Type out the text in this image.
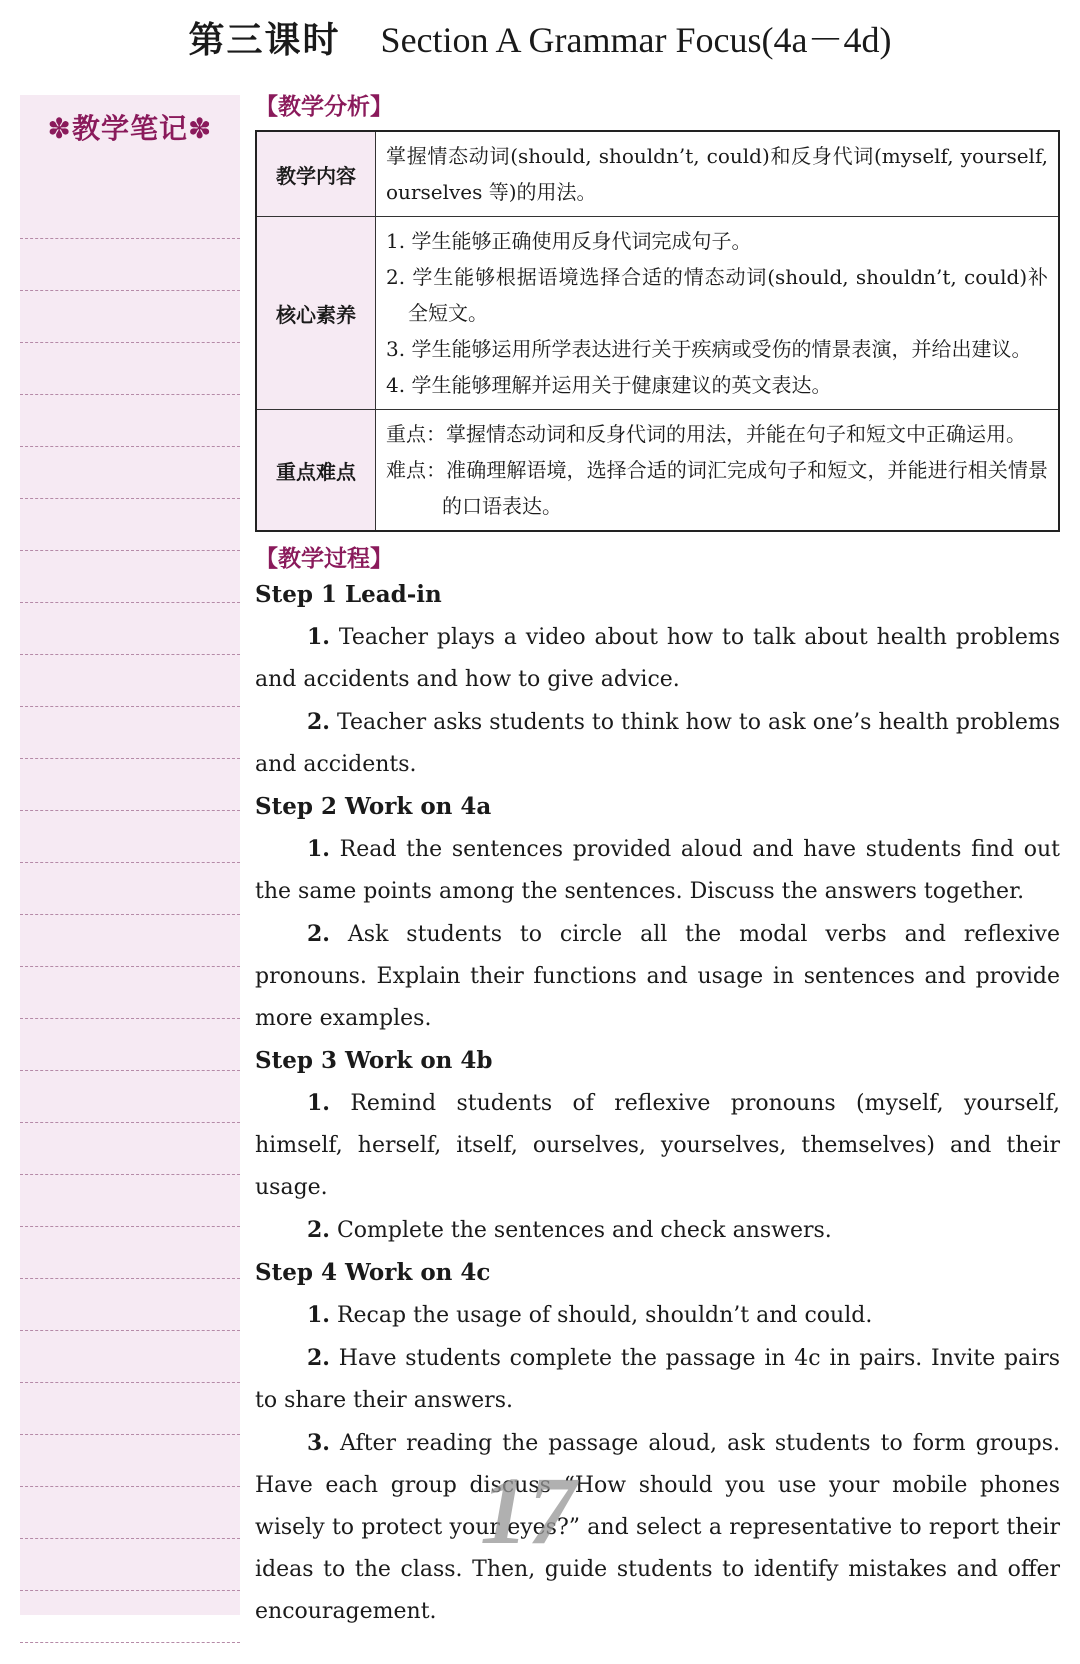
第三课时 Section A Grammar Focus(4a－4d)
✽教学笔记✽
【教学分析】
教学内容	掌握情态动词(should, shouldn’t, could)和反身代词(myself, yourself, ourselves 等)的用法。

核心素养	1. 学生能够正确使用反身代词完成句子。
2. 学生能够根据语境选择合适的情态动词(should, shouldn’t, could)补全短文。
3. 学生能够运用所学表达进行关于疾病或受伤的情景表演，并给出建议。
4. 学生能够理解并运用关于健康建议的英文表达。

重点难点	重点：掌握情态动词和反身代词的用法，并能在句子和短文中正确运用。
难点：准确理解语境，选择合适的词汇完成句子和短文，并能进行相关情景的口语表达。
【教学过程】
Step 1 Lead-in
1. Teacher plays a video about how to talk about health problems and accidents and how to give advice.
2. Teacher asks students to think how to ask one’s health problems and accidents.
Step 2 Work on 4a
1. Read the sentences provided aloud and have students find out the same points among the sentences. Discuss the answers together.
2. Ask students to circle all the modal verbs and reflexive pronouns. Explain their functions and usage in sentences and provide more examples.
Step 3 Work on 4b
1. Remind students of reflexive pronouns (myself, yourself, himself, herself, itself, ourselves, yourselves, themselves) and their usage.
2. Complete the sentences and check answers.
Step 4 Work on 4c
1. Recap the usage of should, shouldn’t and could.
2. Have students complete the passage in 4c in pairs. Invite pairs to share their answers.
3. After reading the passage aloud, ask students to form groups. Have each group discuss “How should you use your mobile phones wisely to protect your eyes?” and select a representative to report their ideas to the class. Then, guide students to identify mistakes and offer encouragement.
17
